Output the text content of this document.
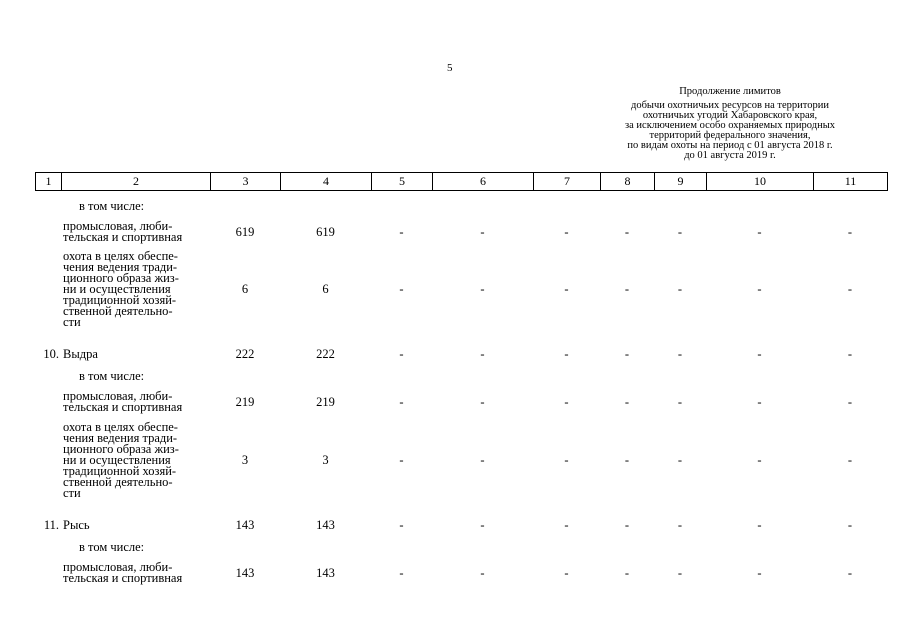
5
Продолжение лимитов
добычи охотничьих ресурсов на территории
охотничьих угодий Хабаровского края,
за исключением особо охраняемых природных
территорий федерального значения,
по видам охоты на период с 01 августа 2018 г.
до 01 августа 2019 г.
1	2	3	4	5	6	7	8	9	10	11
в том числе:
промысловая, люби-
тельская и спортивная	619	619	-	-	-	-	-	-	-
охота в целях обеспе-
чения ведения тради-
ционного образа жиз-
ни и осуществления
традиционной хозяй-
ственной деятельно-
сти
6	6	-	-	-	-	-	-	-
10. Выдра	222	222	-	-	-	-	-	-	-
в том числе:
промысловая, люби-
тельская и спортивная	219	219	-	-	-	-	-	-	-
охота в целях обеспе-
чения ведения тради-
ционного образа жиз-
ни и осуществления
традиционной хозяй-
ственной деятельно-
сти
3	3	-	-	-	-	-	-	-
11. Рысь	143	143	-	-	-	-	-	-	-
в том числе:
промысловая, люби-
тельская и спортивная	143	143	-	-	-	-	-	-	-
